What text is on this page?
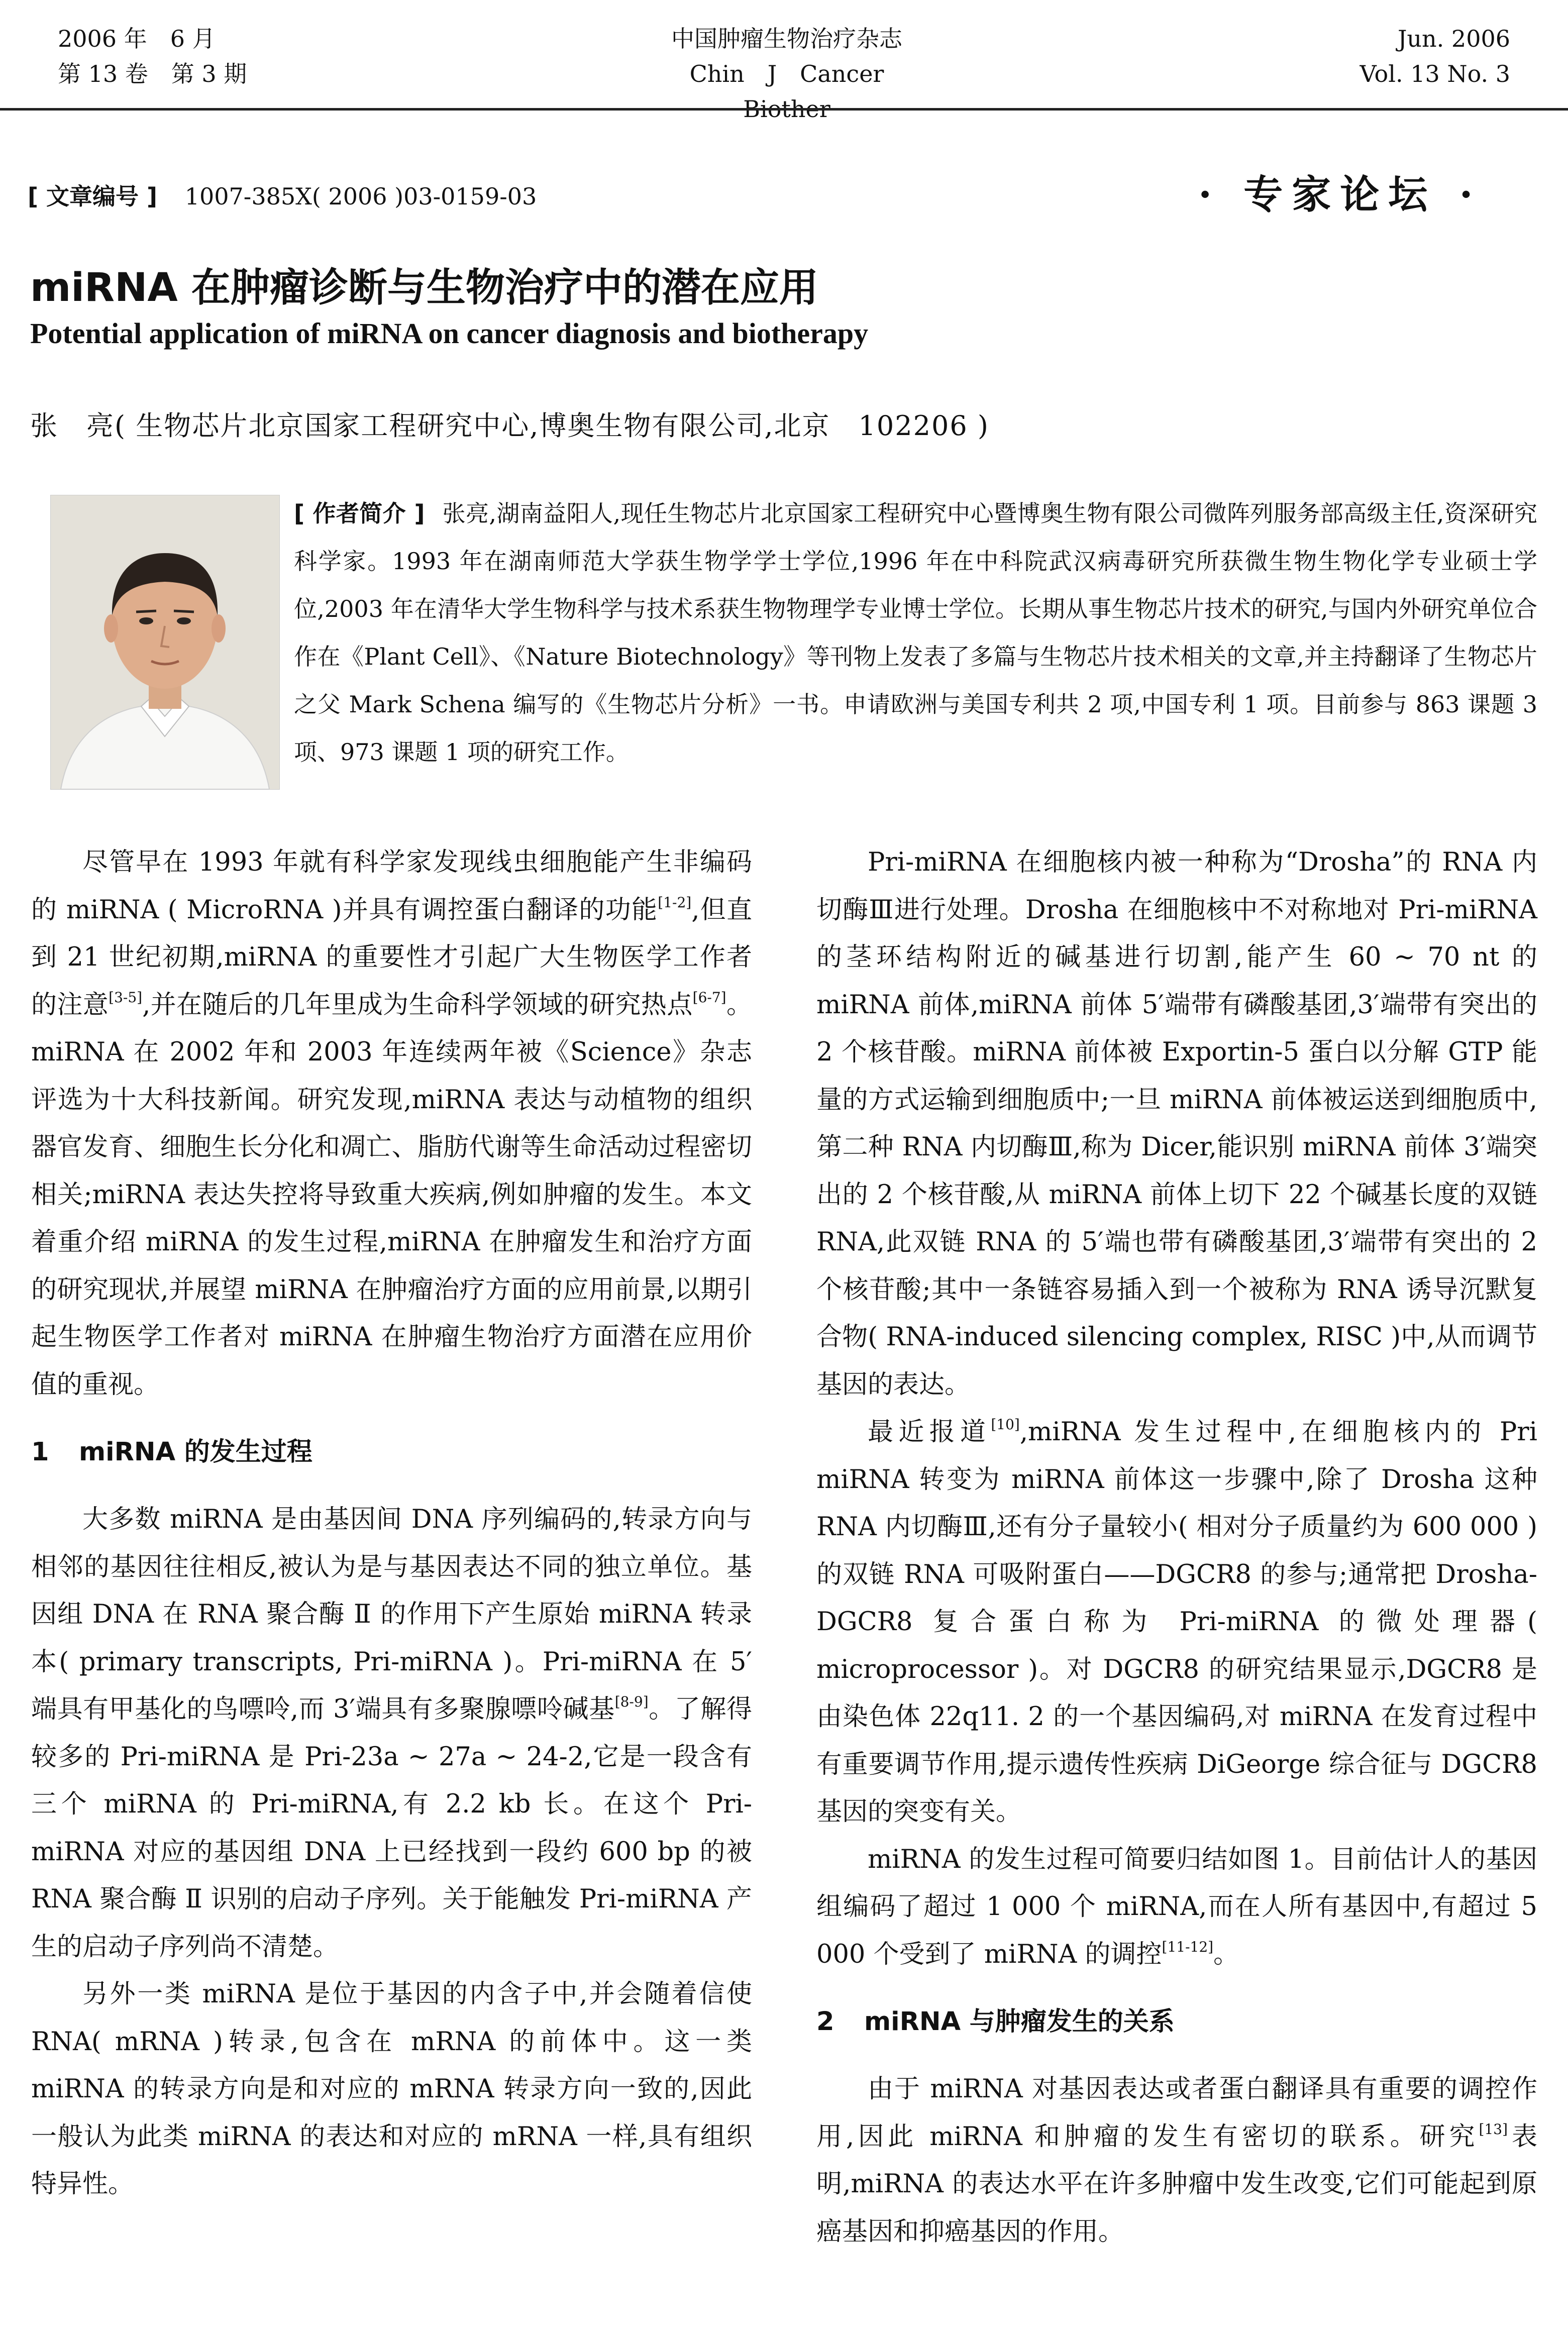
2006 年　6 月
第 13 卷　第 3 期
中国肿瘤生物治疗杂志
Chin　J　Cancer　Biother
Jun. 2006
Vol. 13 No. 3
[ 文章编号 ] 1007-385X( 2006 )03-0159-03	· 专家论坛 ·
miRNA 在肿瘤诊断与生物治疗中的潜在应用
Potential application of miRNA on cancer diagnosis and biotherapy
张　亮( 生物芯片北京国家工程研究中心,博奥生物有限公司,北京　102206 )
[ 作者简介 ] 张亮,湖南益阳人,现任生物芯片北京国家工程研究中心暨博奥生物有限公司微阵列服务部高级主任,资深研究科学家。1993 年在湖南师范大学获生物学学士学位,1996 年在中科院武汉病毒研究所获微生物生物化学专业硕士学位,2003 年在清华大学生物科学与技术系获生物物理学专业博士学位。长期从事生物芯片技术的研究,与国内外研究单位合作在《Plant Cell》、《Nature Biotechnology》等刊物上发表了多篇与生物芯片技术相关的文章,并主持翻译了生物芯片之父 Mark Schena 编写的《生物芯片分析》一书。申请欧洲与美国专利共 2 项,中国专利 1 项。目前参与 863 课题 3 项、973 课题 1 项的研究工作。

尽管早在 1993 年就有科学家发现线虫细胞能产生非编码的 miRNA ( MicroRNA )并具有调控蛋白翻译的功能[1-2],但直到 21 世纪初期,miRNA 的重要性才引起广大生物医学工作者的注意[3-5],并在随后的几年里成为生命科学领域的研究热点[6-7]。miRNA 在 2002 年和 2003 年连续两年被《Science》杂志评选为十大科技新闻。研究发现,miRNA 表达与动植物的组织器官发育、细胞生长分化和凋亡、脂肪代谢等生命活动过程密切相关;miRNA 表达失控将导致重大疾病,例如肿瘤的发生。本文着重介绍 miRNA 的发生过程,miRNA 在肿瘤发生和治疗方面的研究现状,并展望 miRNA 在肿瘤治疗方面的应用前景,以期引起生物医学工作者对 miRNA 在肿瘤生物治疗方面潜在应用价值的重视。

1 miRNA 的发生过程

大多数 miRNA 是由基因间 DNA 序列编码的,转录方向与相邻的基因往往相反,被认为是与基因表达不同的独立单位。基因组 DNA 在 RNA 聚合酶 Ⅱ 的作用下产生原始 miRNA 转录本( primary transcripts, Pri-miRNA )。Pri-miRNA 在 5′端具有甲基化的鸟嘌呤,而 3′端具有多聚腺嘌呤碱基[8-9]。了解得较多的 Pri-miRNA 是 Pri-23a ~ 27a ~ 24-2,它是一段含有三个 miRNA 的 Pri-miRNA,有 2.2 kb 长。在这个 Pri-miRNA 对应的基因组 DNA 上已经找到一段约 600 bp 的被 RNA 聚合酶 Ⅱ 识别的启动子序列。关于能触发 Pri-miRNA 产生的启动子序列尚不清楚。

另外一类 miRNA 是位于基因的内含子中,并会随着信使 RNA( mRNA )转录,包含在 mRNA 的前体中。这一类 miRNA 的转录方向是和对应的 mRNA 转录方向一致的,因此一般认为此类 miRNA 的表达和对应的 mRNA 一样,具有组织特异性。

Pri-miRNA 在细胞核内被一种称为“Drosha”的 RNA 内切酶Ⅲ进行处理。Drosha 在细胞核中不对称地对 Pri-miRNA 的茎环结构附近的碱基进行切割,能产生 60 ~ 70 nt 的 miRNA 前体,miRNA 前体 5′端带有磷酸基团,3′端带有突出的 2 个核苷酸。miRNA 前体被 Exportin-5 蛋白以分解 GTP 能量的方式运输到细胞质中;一旦 miRNA 前体被运送到细胞质中,第二种 RNA 内切酶Ⅲ,称为 Dicer,能识别 miRNA 前体 3′端突出的 2 个核苷酸,从 miRNA 前体上切下 22 个碱基长度的双链 RNA,此双链 RNA 的 5′端也带有磷酸基团,3′端带有突出的 2 个核苷酸;其中一条链容易插入到一个被称为 RNA 诱导沉默复合物( RNA-induced silencing complex, RISC )中,从而调节基因的表达。

最近报道[10],miRNA 发生过程中,在细胞核内的 Pri miRNA 转变为 miRNA 前体这一步骤中,除了 Drosha 这种 RNA 内切酶Ⅲ,还有分子量较小( 相对分子质量约为 600 000 )的双链 RNA 可吸附蛋白——DGCR8 的参与;通常把 Drosha-DGCR8 复合蛋白称为 Pri-miRNA 的微处理器( microprocessor )。对 DGCR8 的研究结果显示,DGCR8 是由染色体 22q11. 2 的一个基因编码,对 miRNA 在发育过程中有重要调节作用,提示遗传性疾病 DiGeorge 综合征与 DGCR8 基因的突变有关。

miRNA 的发生过程可简要归结如图 1。目前估计人的基因组编码了超过 1 000 个 miRNA,而在人所有基因中,有超过 5 000 个受到了 miRNA 的调控[11-12]。

2 miRNA 与肿瘤发生的关系

由于 miRNA 对基因表达或者蛋白翻译具有重要的调控作用,因此 miRNA 和肿瘤的发生有密切的联系。研究[13]表明,miRNA 的表达水平在许多肿瘤中发生改变,它们可能起到原癌基因和抑癌基因的作用。
